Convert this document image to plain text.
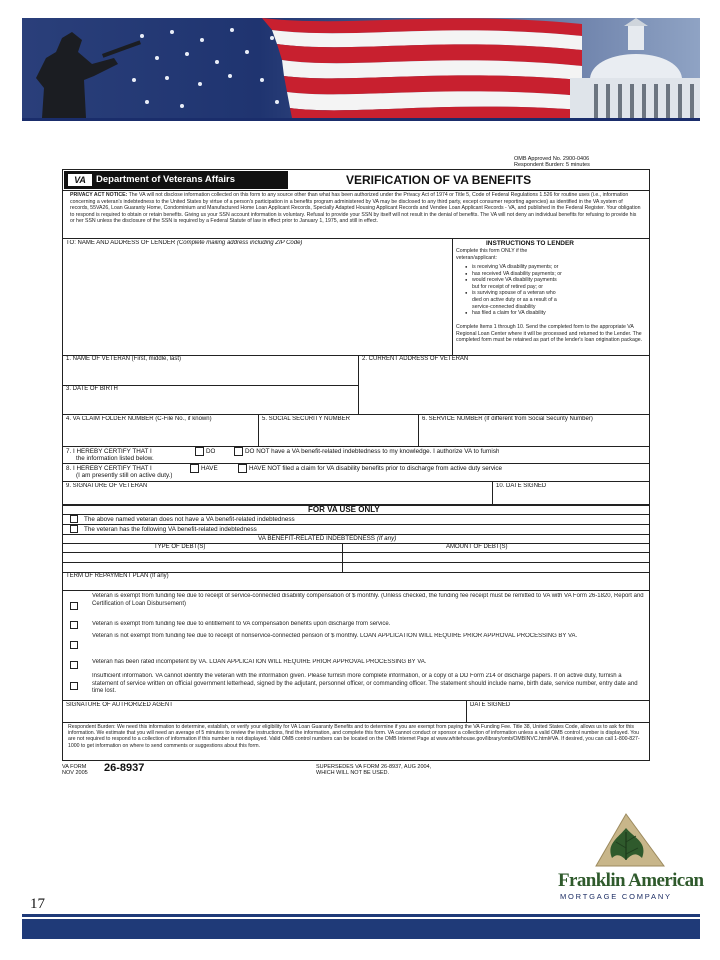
OMB Approved No. 2900-0406
Respondent Burden: 5 minutes
VA	Department of Veterans Affairs	VERIFICATION OF VA BENEFITS
PRIVACY ACT NOTICE: The VA will not disclose information collected on this form to any source other than what has been authorized under the Privacy Act of 1974 or Title 5, Code of Federal Regulations 1.526 for routine uses (i.e., information concerning a veteran's indebtedness to the United States by virtue of a person's participation in a benefits program administered by VA may be disclosed to any third party, except consumer reporting agencies) as identified in the VA system of records, 55VA26, Loan Guaranty Home, Condominium and Manufactured Home Loan Applicant Records, Specially Adapted Housing Applicant Records and Vendee Loan Applicant Records - VA, and published in the Federal Register. Your obligation to respond is required to obtain or retain benefits. Giving us your SSN account information is voluntary. Refusal to provide your SSN by itself will not result in the denial of benefits. The VA will not deny an individual benefits for refusing to provide his or her SSN unless the disclosure of the SSN is required by a Federal Statute of law in effect prior to January 1, 1975, and still in effect.
TO: NAME AND ADDRESS OF LENDER (Complete mailing address including ZIP Code)	INSTRUCTIONS TO LENDER
Complete this form ONLY if the veteran/applicant:
● is receiving VA disability payments; or
● has received VA disability payments; or
● would receive VA disability payments but for receipt of retired pay; or
● is surviving spouse of a veteran who died on active duty or as a result of a service-connected disability
● has filed a claim for VA disability
Complete Items 1 through 10. Send the completed form to the appropriate VA Regional Loan Center where it will be processed and returned to the Lender. The completed form must be retained as part of the lender's loan origination package.
1. NAME OF VETERAN (First, middle, last)	2. CURRENT ADDRESS OF VETERAN
3. DATE OF BIRTH
4. VA CLAIM FOLDER NUMBER (C-File No., if known)	5. SOCIAL SECURITY NUMBER	6. SERVICE NUMBER (If different from Social Security Number)
7. I HEREBY CERTIFY THAT I	DO	DO NOT have a VA benefit-related indebtedness to my knowledge. I authorize VA to furnish
the information listed below.
8. I HEREBY CERTIFY THAT I	HAVE	HAVE NOT filed a claim for VA disability benefits prior to discharge from active duty service
(I am presently still on active duty.)
9. SIGNATURE OF VETERAN	10. DATE SIGNED
FOR VA USE ONLY
The above named veteran does not have a VA benefit-related indebtedness
The veteran has the following VA benefit-related indebtedness
VA BENEFIT-RELATED INDEBTEDNESS (If any)
TYPE OF DEBT(S)	AMOUNT OF DEBT(S)
TERM OF REPAYMENT PLAN (If any)
Veteran is exempt from funding fee due to receipt of service-connected disability compensation of $ monthly. (Unless checked, the funding fee receipt must be remitted to VA with VA Form 26-1820, Report and Certification of Loan Disbursement)
Veteran is exempt from funding fee due to entitlement to VA compensation benefits upon discharge from service.
Veteran is not exempt from funding fee due to receipt of nonservice-connected pension of $ monthly. LOAN APPLICATION WILL REQUIRE PRIOR APPROVAL PROCESSING BY VA.
Veteran has been rated incompetent by VA. LOAN APPLICATION WILL REQUIRE PRIOR APPROVAL PROCESSING BY VA.
Insufficient information. VA cannot identify the veteran with the information given. Please furnish more complete information, or a copy of a DD Form 214 or discharge papers. If on active duty, furnish a statement of service written on official government letterhead, signed by the adjutant, personnel officer, or commanding officer. The statement should include name, birth date, service number, entry date and time lost.
SIGNATURE OF AUTHORIZED AGENT	DATE SIGNED
Respondent Burden: We need this information to determine, establish, or verify your eligibility for VA Loan Guaranty Benefits and to determine if you are exempt from paying the VA Funding Fee. Title 38, United States Code, allows us to ask for this information. We estimate that you will need an average of 5 minutes to review the instructions, find the information, and complete this form. VA cannot conduct or sponsor a collection of information unless a valid OMB control number is displayed. You are not required to respond to a collection of information if this number is not displayed. Valid OMB control numbers can be located on the OMB Internet Page at www.whitehouse.gov/library/omb/OMBINVC.html#VA. If desired, you can call 1-800-827-1000 to get information on where to send comments or suggestions about this form.
VA FORM
NOV 2005 26-8937	SUPERSEDES VA FORM 26-8937, AUG 2004,
WHICH WILL NOT BE USED.
Franklin American
MORTGAGE COMPANY
17
